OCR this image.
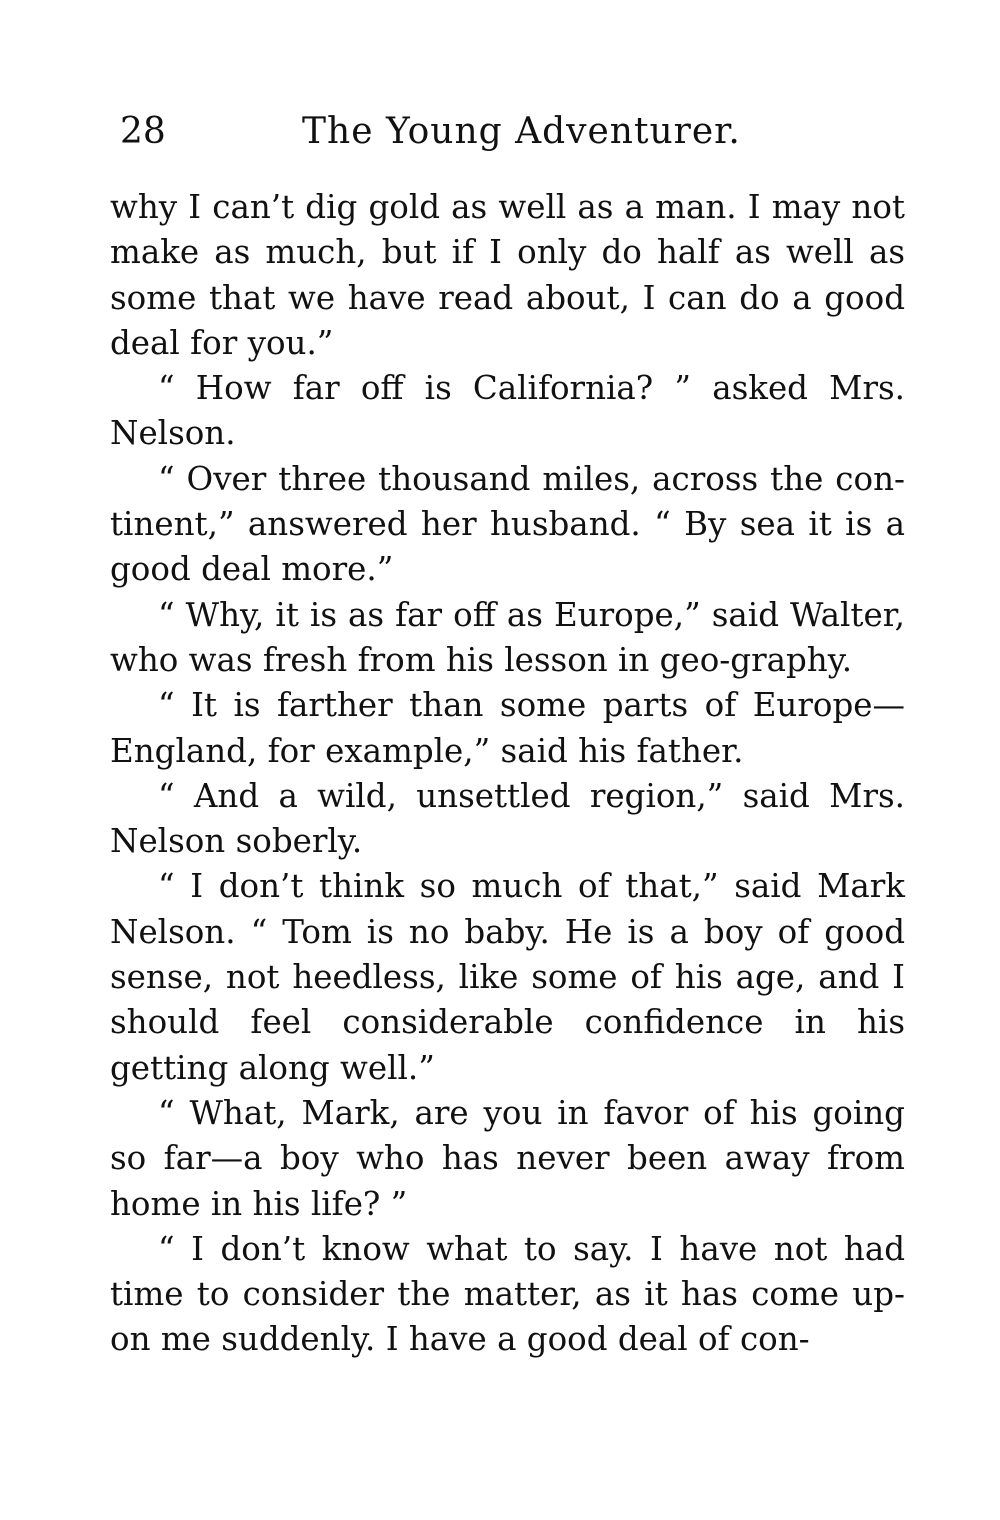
28	The Young Adventurer.

why I can’t dig gold as well as a man. I may not make as much, but if I only do half as well as some that we have read about, I can do a good deal for you.”

“ How far off is California? ” asked Mrs. Nelson.

“ Over three thousand miles, across the con-tinent,” answered her husband. “ By sea it is a good deal more.”

“ Why, it is as far off as Europe,” said Walter, who was fresh from his lesson in geo-graphy.

“ It is farther than some parts of Europe—England, for example,” said his father.

“ And a wild, unsettled region,” said Mrs. Nelson soberly.

“ I don’t think so much of that,” said Mark Nelson. “ Tom is no baby. He is a boy of good sense, not heedless, like some of his age, and I should feel considerable confidence in his getting along well.”

“ What, Mark, are you in favor of his going so far—a boy who has never been away from home in his life? ”

“ I don’t know what to say. I have not had time to consider the matter, as it has come up-on me suddenly. I have a good deal of con-
